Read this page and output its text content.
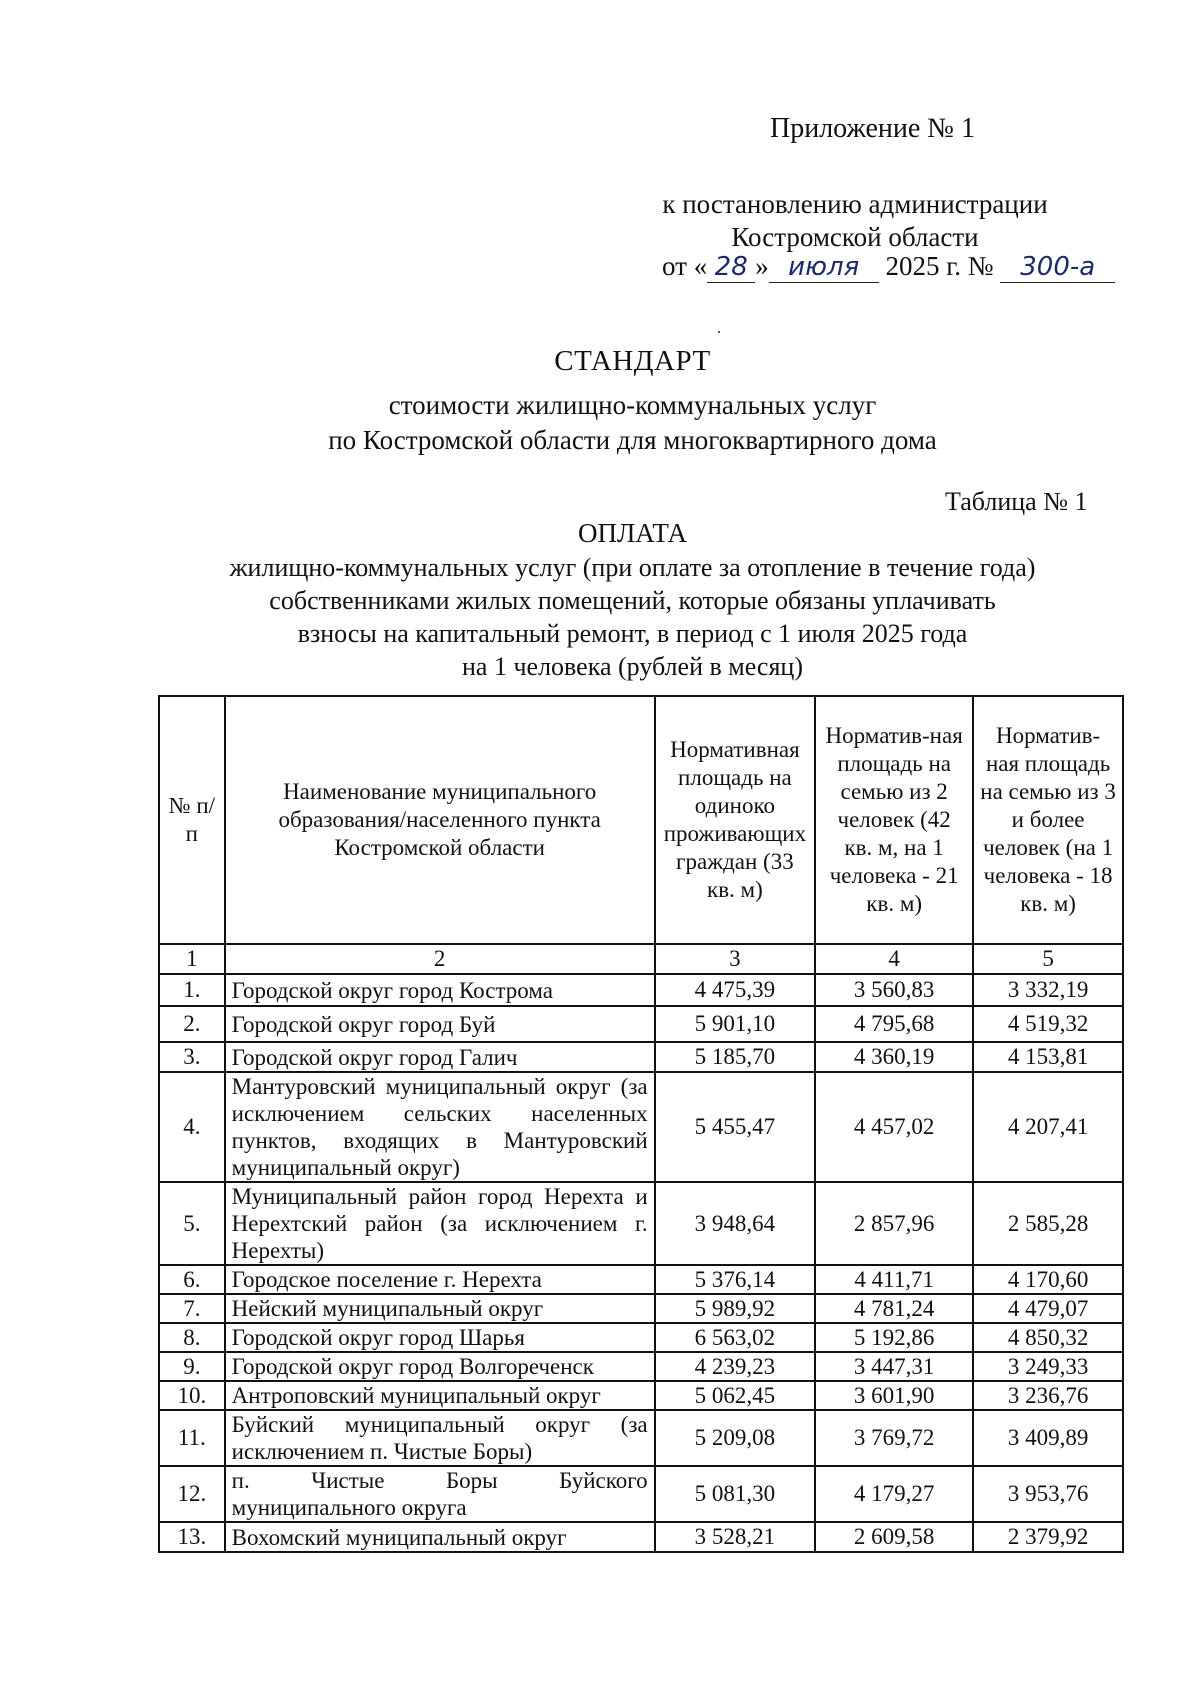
Приложение № 1
к постановлению администрации
Костромской области
от « 28 » июля 2025 г. № 300-а
СТАНДАРТ
стоимости жилищно-коммунальных услуг
по Костромской области для многоквартирного дома
Таблица № 1
ОПЛАТА
жилищно-коммунальных услуг (при оплате за отопление в течение года)
собственниками жилых помещений, которые обязаны уплачивать
взносы на капитальный ремонт, в период с 1 июля 2025 года
на 1 человека (рублей в месяц)
№ п/п	Наименование муниципального образования/населенного пункта Костромской области	Нормативная площадь на одиноко проживающих граждан (33 кв. м)	Норматив-ная площадь на семью из 2 человек (42 кв. м, на 1 человека - 21 кв. м)	Норматив-ная площадь на семью из 3 и более человек (на 1 человека - 18 кв. м)
1	2	3	4	5
1.	Городской округ город Кострома	4 475,39	3 560,83	3 332,19
2.	Городской округ город Буй	5 901,10	4 795,68	4 519,32
3.	Городской округ город Галич	5 185,70	4 360,19	4 153,81
4.	Мантуровский муниципальный округ (за исключением сельских населенных пунктов, входящих в Мантуровский муниципальный округ)	5 455,47	4 457,02	4 207,41
5.	Муниципальный район город Нерехта и Нерехтский район (за исключением г. Нерехты)	3 948,64	2 857,96	2 585,28
6.	Городское поселение г. Нерехта	5 376,14	4 411,71	4 170,60
7.	Нейский муниципальный округ	5 989,92	4 781,24	4 479,07
8.	Городской округ город Шарья	6 563,02	5 192,86	4 850,32
9.	Городской округ город Волгореченск	4 239,23	3 447,31	3 249,33
10.	Антроповский муниципальный округ	5 062,45	3 601,90	3 236,76
11.	Буйский муниципальный округ (за исключением п. Чистые Боры)	5 209,08	3 769,72	3 409,89
12.	п. Чистые Боры Буйского муниципального округа	5 081,30	4 179,27	3 953,76
13.	Вохомский муниципальный округ	3 528,21	2 609,58	2 379,92
